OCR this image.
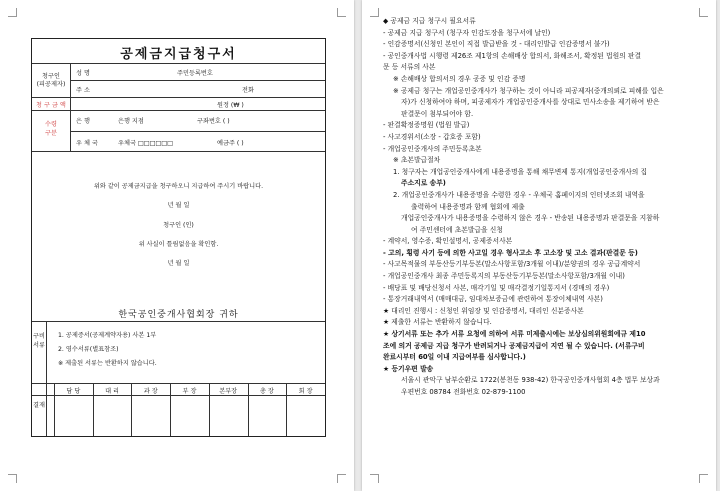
공제금지급청구서
청구인
(피공제자)
성 명	주민등록번호
주 소	전화
청 구 금 액	원정 (₩ )
수령
구분
은 행	은행 지점	구좌번호 ( )
우 체 국	우체국 □□□□□□	예금주 ( )
위와 같이 공제금지급을 청구하오니 지급하여 주시기 바랍니다.
년 월 일
청구인 (인)
위 사실이 틀림없음을 확인함.
년 월 일
한국공인중개사협회장 귀하
구비서류
1. 공제증서(공제계약자용) 사본 1부
2. 영수서류(별표참조)
※ 제출된 서류는 반환하지 않습니다.
결재
담 당	대 리	과 장	부 장	본부장	총 장	회 장
◆ 공제금 지급 청구시 필요서류
- 공제금 지급 청구서 (청구자 인감도장을 청구서에 날인)
- 인감증명서(신청인 본인이 직접 발급받을 것 - 대리인발급 인감증명서 불가)
- 공인중개사법 시행령 제26조 제1항의 손해배상 합의서, 화해조서, 확정된 법원의 판결
문 등 서류의 사본
※ 손해배상 합의서의 경우 공증 및 인감 증명
※ 공제금 청구는 개업공인중개사가 청구하는 것이 아니라 피공제자(중개의뢰로 피해를 입은
자)가 신청하여야 하며, 피공제자가 개업공인중개사를 상대로 민사소송을 제기하여 받은
판결문이 첨부되어야 함.
- 판결확정증명원 (법원 발급)
- 사고경위서(소장 - 갑호증 포함)
- 개업공인중개사의 주민등록초본
※ 초본발급절차
1. 청구자는 개업공인중개사에게 내용증명을 통해 채무변제 통지(개업공인중개사의 집
주소지로 송부)
2. 개업공인중개사가 내용증명을 수령한 경우 - 우체국 홈페이지의 인터넷조회 내역을
출력하여 내용증명과 함께 협회에 제출
개업공인중개사가 내용증명을 수령하지 않은 경우 - 반송된 내용증명과 판결문을 지참하
여 주민센터에 초본발급을 신청
- 계약서, 영수증, 확인설명서, 공제증서사본
- 고의, 횡령 사기 등에 의한 사고일 경우 형사고소 후 고소장 및 고소 결과(판결문 등)
- 사고목적물의 부동산등기부등본(말소사항포함/3개월 이내)/분양권의 경우 공급계약서
- 개업공인중개사 최종 주민등록지의 부동산등기부등본(말소사항포함/3개월 이내)
- 배당표 및 배당신청서 사본, 매각기일 및 매각결정기일통지서 (경매의 경우)
- 통장거래내역서 (매매대금, 임대차보증금에 관련하여 통장이체내역 사본)
★ 대리인 진행시 : 신청인 위임장 및 인감증명서, 대리인 신분증사본
★ 제출한 서류는 반환하지 않습니다.
★ 상기서류 또는 추가 서류 요청에 의하여 서류 미제출시에는 보상심의위원회에규 제10
조에 의거 공제금 지급 청구가 반려되거나 공제금지급이 지연 될 수 있습니다. (서류구비
완료시부터 60일 이내 지급여부를 심사합니다.)
★ 등기우편 발송
서울시 관악구 남부순환로 1722(봉천동 938-42) 한국공인중개사협회 4층 법무 보상과
우편번호 08784 전화번호 02-879-1100
